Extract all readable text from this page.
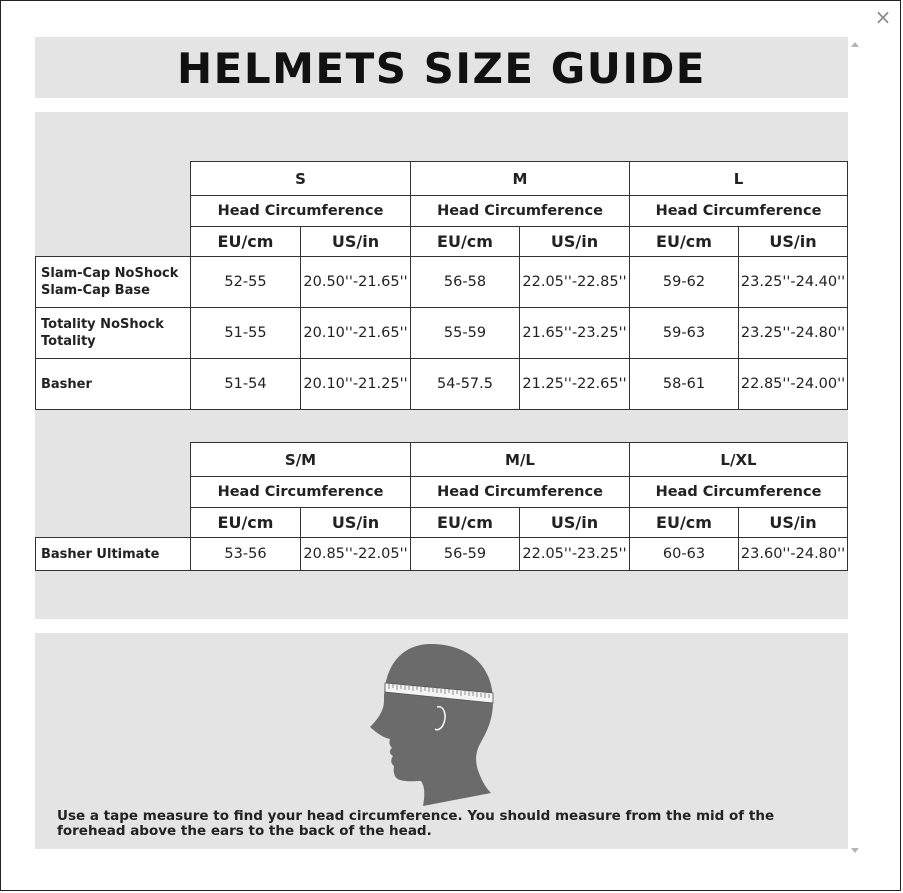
×
HELMETS SIZE GUIDE
	S		M		L	
	Head Circumference		Head Circumference		Head Circumference	
	EU/cm	US/in	EU/cm	US/in	EU/cm	US/in

Slam-Cap NoShock
Slam-Cap Base	52-55	20.50''-21.65''	56-58	22.05''-22.85''	59-62	23.25''-24.40''

Totality NoShock
Totality	51-55	20.10''-21.65''	55-59	21.65''-23.25''	59-63	23.25''-24.80''

Basher	51-54	20.10''-21.25''	54-57.5	21.25''-22.65''	58-61	22.85''-24.00''
	S/M		M/L		L/XL	
	Head Circumference		Head Circumference		Head Circumference	
	EU/cm	US/in	EU/cm	US/in	EU/cm	US/in

Basher Ultimate	53-56	20.85''-22.05''	56-59	22.05''-23.25''	60-63	23.60''-24.80''
Use a tape measure to find your head circumference. You should measure from the mid of the forehead above the ears to the back of the head.
